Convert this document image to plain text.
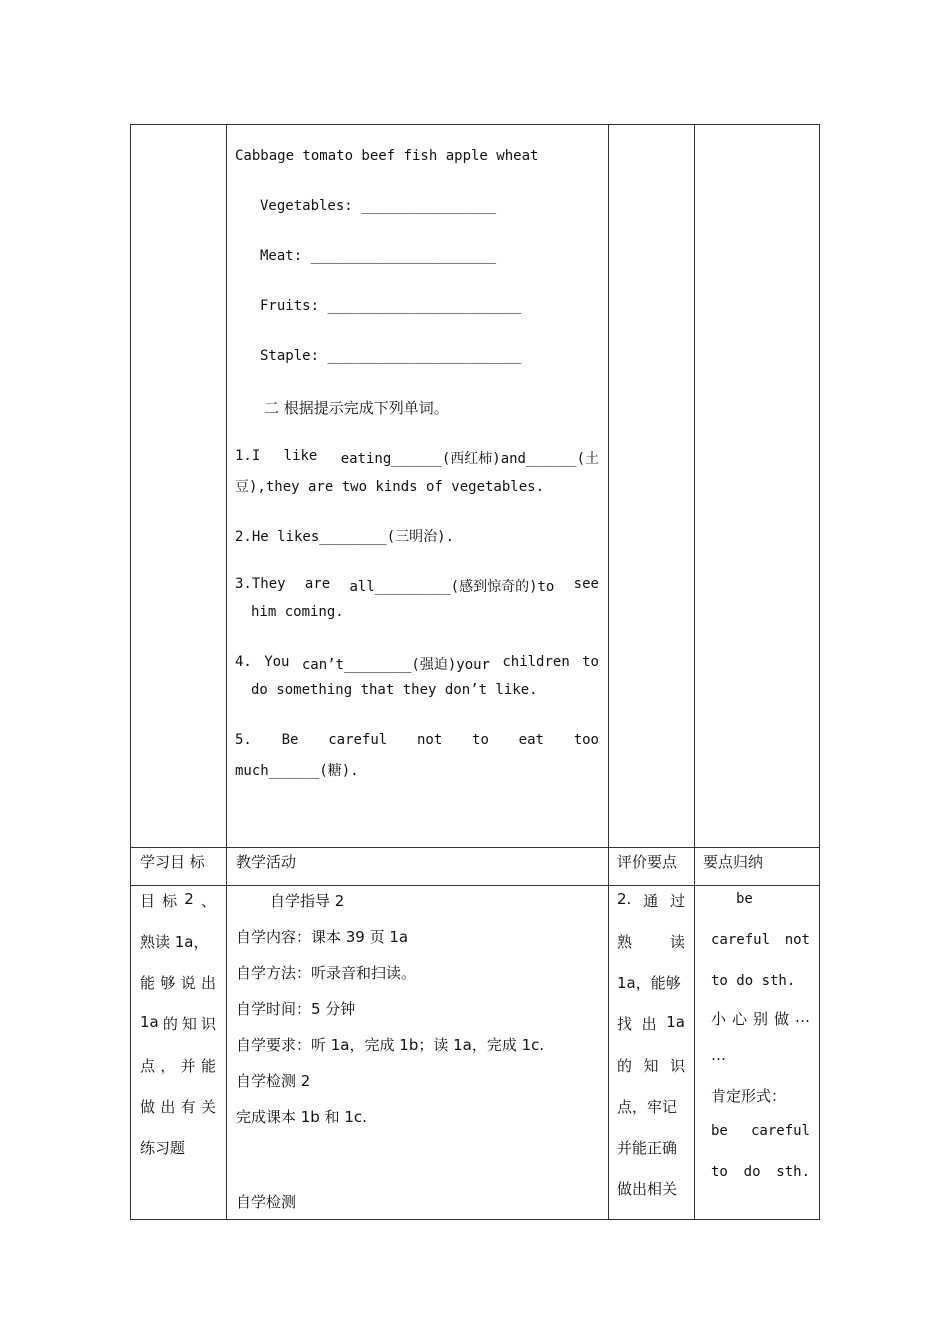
Cabbage tomato beef fish apple wheat
Vegetables: ________________
Meat: ______________________
Fruits: _______________________
Staple: _______________________
二 根据提示完成下列单词。
1.I like eating______(西红柿)and______(土
豆),they are two kinds of vegetables.
2.He likes________(三明治).
3.They are all_________(感到惊奇的)to see
him coming.
4. You can’t________(强迫)your children to
do something that they don’t like.
5. Be careful not to eat too
much______(糖).
学习目 标 教学活动	评价要点 要点归纳
目 标 2 、
熟读 1a，
能 够 说 出
1a 的 知 识
点 ， 并 能
做 出 有 关
练习题
自学指导 2
自学内容：课本 39 页 1a
自学方法：听录音和扫读。
自学时间：5 分钟
自学要求：听 1a，完成 1b；读 1a，完成 1c.
自学检测 2
完成课本 1b 和 1c.
自学检测
2. 通 过
熟	读
1a，能够
找 出 1a
的 知 识
点，牢记
并能正确
做出相关
be
careful not
to do sth.
小 心 别 做 …
…
肯定形式：
be careful
to do sth.
